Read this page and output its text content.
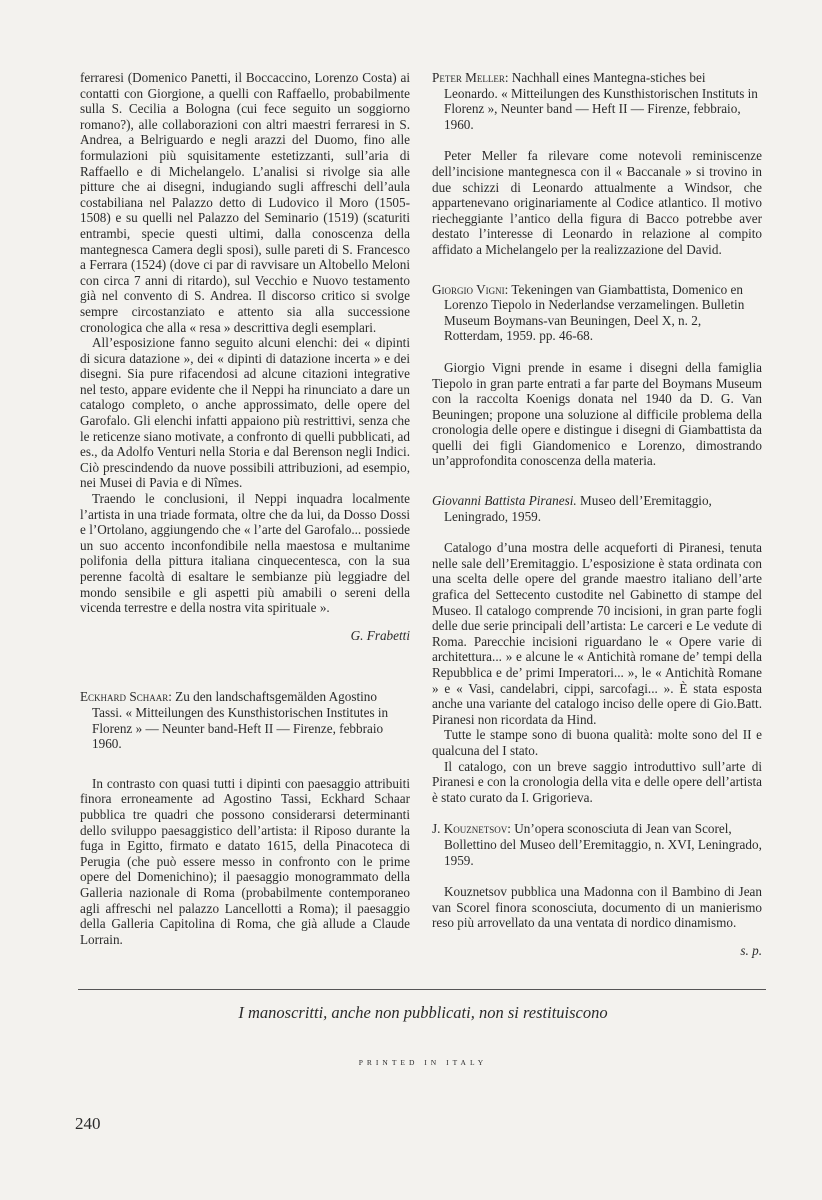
ferraresi (Domenico Panetti, il Boccaccino, Lorenzo Costa) ai contatti con Giorgione, a quelli con Raffaello, probabilmente sulla S. Cecilia a Bologna (cui fece seguito un soggiorno romano?), alle collaborazioni con altri maestri ferraresi in S. Andrea, a Belriguardo e negli arazzi del Duomo, fino alle formulazioni più squisitamente estetizzanti, sull’aria di Raffaello e di Michelangelo. L’analisi si rivolge sia alle pitture che ai disegni, indugiando sugli affreschi dell’aula costabiliana nel Palazzo detto di Ludovico il Moro (1505-1508) e su quelli nel Palazzo del Seminario (1519) (scaturiti entrambi, specie questi ultimi, dalla conoscenza della mantegnesca Camera degli sposi), sulle pareti di S. Francesco a Ferrara (1524) (dove ci par di ravvisare un Altobello Meloni con circa 7 anni di ritardo), sul Vecchio e Nuovo testamento già nel convento di S. Andrea. Il discorso critico si svolge sempre circostanziato e attento sia alla successione cronologica che alla « resa » descrittiva degli esemplari.

All’esposizione fanno seguito alcuni elenchi: dei « dipinti di sicura datazione », dei « dipinti di datazione incerta » e dei disegni. Sia pure rifacendosi ad alcune citazioni integrative nel testo, appare evidente che il Neppi ha rinunciato a dare un catalogo completo, o anche approssimato, delle opere del Garofalo. Gli elenchi infatti appaiono più restrittivi, senza che le reticenze siano motivate, a confronto di quelli pubblicati, ad es., da Adolfo Venturi nella Storia e dal Berenson negli Indici. Ciò prescindendo da nuove possibili attribuzioni, ad esempio, nei Musei di Pavia e di Nîmes.

Traendo le conclusioni, il Neppi inquadra localmente l’artista in una triade formata, oltre che da lui, da Dosso Dossi e l’Ortolano, aggiungendo che « l’arte del Garofalo... possiede un suo accento inconfondibile nella maestosa e multanime polifonia della pittura italiana cinquecentesca, con la sua perenne facoltà di esaltare le sembianze più leggiadre del mondo sensibile e gli aspetti più amabili o sereni della vicenda terrestre e della nostra vita spirituale ».

G. Frabetti

Eckhard Schaar: Zu den landschaftsgemälden Agostino Tassi. « Mitteilungen des Kunsthistorischen Institutes in Florenz » — Neunter band-Heft II — Firenze, febbraio 1960.

In contrasto con quasi tutti i dipinti con paesaggio attribuiti finora erroneamente ad Agostino Tassi, Eckhard Schaar pubblica tre quadri che possono considerarsi determinanti dello sviluppo paesaggistico dell’artista: il Riposo durante la fuga in Egitto, firmato e datato 1615, della Pinacoteca di Perugia (che può essere messo in confronto con le prime opere del Domenichino); il paesaggio monogrammato della Galleria nazionale di Roma (probabilmente contemporaneo agli affreschi nel palazzo Lancellotti a Roma); il paesaggio della Galleria Capitolina di Roma, che già allude a Claude Lorrain.

Peter Meller: Nachhall eines Mantegna-stiches bei Leonardo. « Mitteilungen des Kunsthistorischen Instituts in Florenz », Neunter band — Heft II — Firenze, febbraio, 1960.

Peter Meller fa rilevare come notevoli reminiscenze dell’incisione mantegnesca con il « Baccanale » si trovino in due schizzi di Leonardo attualmente a Windsor, che appartenevano originariamente al Codice atlantico. Il motivo riecheggiante l’antico della figura di Bacco potrebbe aver destato l’interesse di Leonardo in relazione al compito affidato a Michelangelo per la realizzazione del David.

Giorgio Vigni: Tekeningen van Giambattista, Domenico en Lorenzo Tiepolo in Nederlandse verzamelingen. Bulletin Museum Boymans-van Beuningen, Deel X, n. 2, Rotterdam, 1959. pp. 46-68.

Giorgio Vigni prende in esame i disegni della famiglia Tiepolo in gran parte entrati a far parte del Boymans Museum con la raccolta Koenigs donata nel 1940 da D. G. Van Beuningen; propone una soluzione al difficile problema della cronologia delle opere e distingue i disegni di Giambattista da quelli dei figli Giandomenico e Lorenzo, dimostrando un’approfondita conoscenza della materia.

Giovanni Battista Piranesi. Museo dell’Eremitaggio, Leningrado, 1959.

Catalogo d’una mostra delle acqueforti di Piranesi, tenuta nelle sale dell’Eremitaggio. L’esposizione è stata ordinata con una scelta delle opere del grande maestro italiano dell’arte grafica del Settecento custodite nel Gabinetto di stampe del Museo. Il catalogo comprende 70 incisioni, in gran parte fogli delle due serie principali dell’artista: Le carceri e Le vedute di Roma. Parecchie incisioni riguardano le « Opere varie di architettura... » e alcune le « Antichità romane de’ tempi della Repubblica e de’ primi Imperatori... », le « Antichità Romane » e « Vasi, candelabri, cippi, sarcofagi... ». È stata esposta anche una variante del catalogo inciso delle opere di Gio.Batt. Piranesi non ricordata da Hind.

Tutte le stampe sono di buona qualità: molte sono del II e qualcuna del I stato.

Il catalogo, con un breve saggio introduttivo sull’arte di Piranesi e con la cronologia della vita e delle opere dell’artista è stato curato da I. Grigorieva.

J. Kouznetsov: Un’opera sconosciuta di Jean van Scorel, Bollettino del Museo dell’Eremitaggio, n. XVI, Leningrado, 1959.

Kouznetsov pubblica una Madonna con il Bambino di Jean van Scorel finora sconosciuta, documento di un manierismo reso più arrovellato da una ventata di nordico dinamismo.

s. p.
I manoscritti, anche non pubblicati, non si restituiscono
PRINTED IN ITALY
240
